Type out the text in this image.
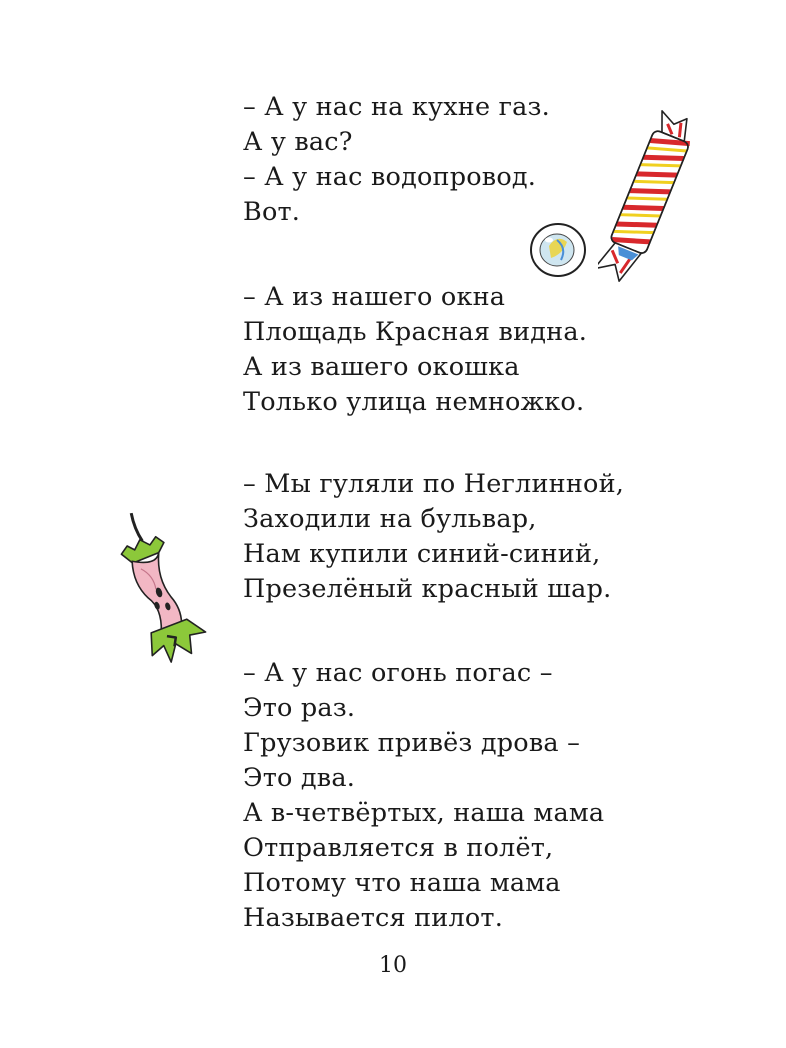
– А у нас на кухне газ.
А у вас?
– А у нас водопровод.
Вот.
– А из нашего окна
Площадь Красная видна.
А из вашего окошка
Только улица немножко.
– Мы гуляли по Неглинной,
Заходили на бульвар,
Нам купили синий-синий,
Презелёный красный шар.
– А у нас огонь погас –
Это раз.
Грузовик привёз дрова –
Это два.
А в-четвёртых, наша мама
Отправляется в полёт,
Потому что наша мама
Называется пилот.
10
